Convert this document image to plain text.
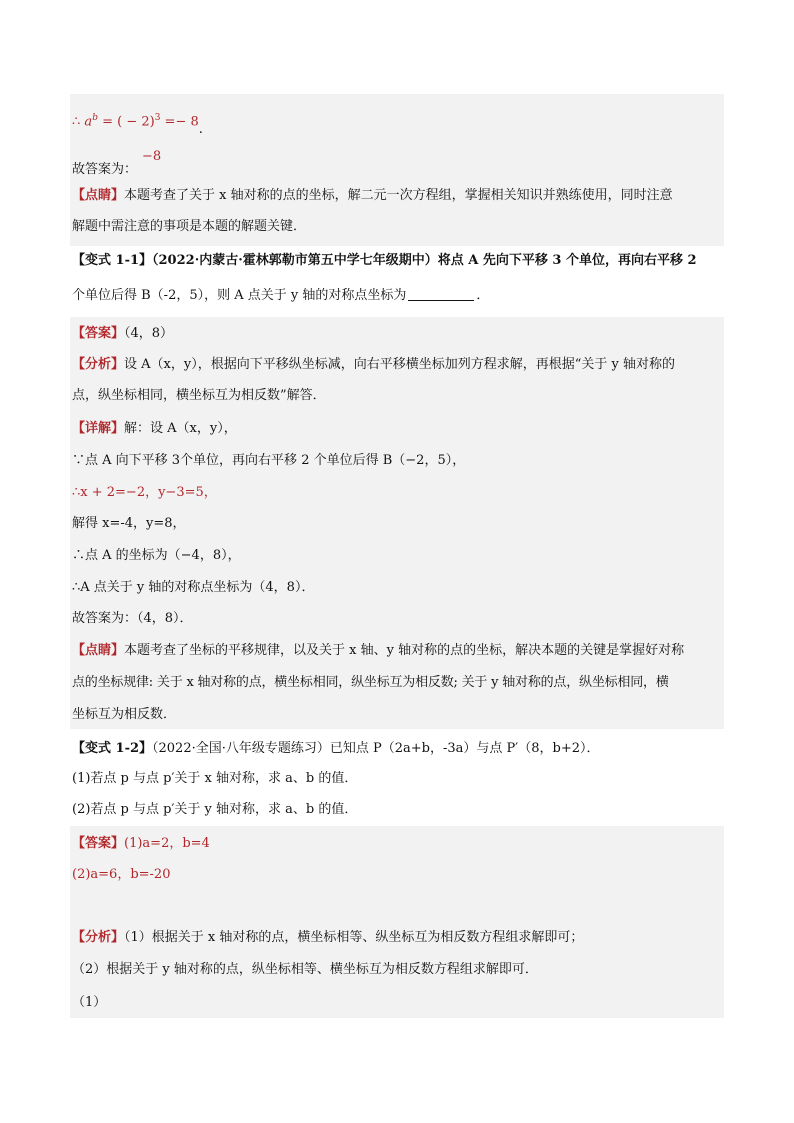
∴ $a^b$ = ( − 2)$^3$ =− 8.
−8
故答案为：
【点睛】本题考查了关于 x 轴对称的点的坐标，解二元一次方程组，掌握相关知识并熟练使用，同时注意
解题中需注意的事项是本题的解题关键．
【变式 1-1】（2022·内蒙古·霍林郭勒市第五中学七年级期中）将点 A 先向下平移 3 个单位，再向右平移 2
个单位后得 B（-2，5），则 A 点关于 y 轴的对称点坐标为	．
【答案】（4，8）
【分析】设 A（x，y），根据向下平移纵坐标减，向右平移横坐标加列方程求解，再根据“关于 y 轴对称的
点，纵坐标相同，横坐标互为相反数”解答．
【详解】解：设 A（x，y），
∵点 A 向下平移 3个单位，再向右平移 2 个单位后得 B（−2，5），
∴x + 2=−2，y−3=5，
解得 x=-4，y=8，
∴点 A 的坐标为（−4，8），
∴A 点关于 y 轴的对称点坐标为（4，8）．
故答案为：（4，8）．
【点睛】本题考查了坐标的平移规律，以及关于 x 轴、y 轴对称的点的坐标，解决本题的关键是掌握好对称
点的坐标规律: 关于 x 轴对称的点，横坐标相同，纵坐标互为相反数; 关于 y 轴对称的点，纵坐标相同，横
坐标互为相反数．
【变式 1-2】（2022·全国·八年级专题练习）已知点 P（2a+b，-3a）与点 P′（8，b+2）．
(1)若点 p 与点 p′关于 x 轴对称，求 a、b 的值．
(2)若点 p 与点 p′关于 y 轴对称，求 a、b 的值．
【答案】(1)a=2，b=4
(2)a=6，b=-20
【分析】（1）根据关于 x 轴对称的点，横坐标相等、纵坐标互为相反数方程组求解即可；
（2）根据关于 y 轴对称的点，纵坐标相等、横坐标互为相反数方程组求解即可．
（1）
